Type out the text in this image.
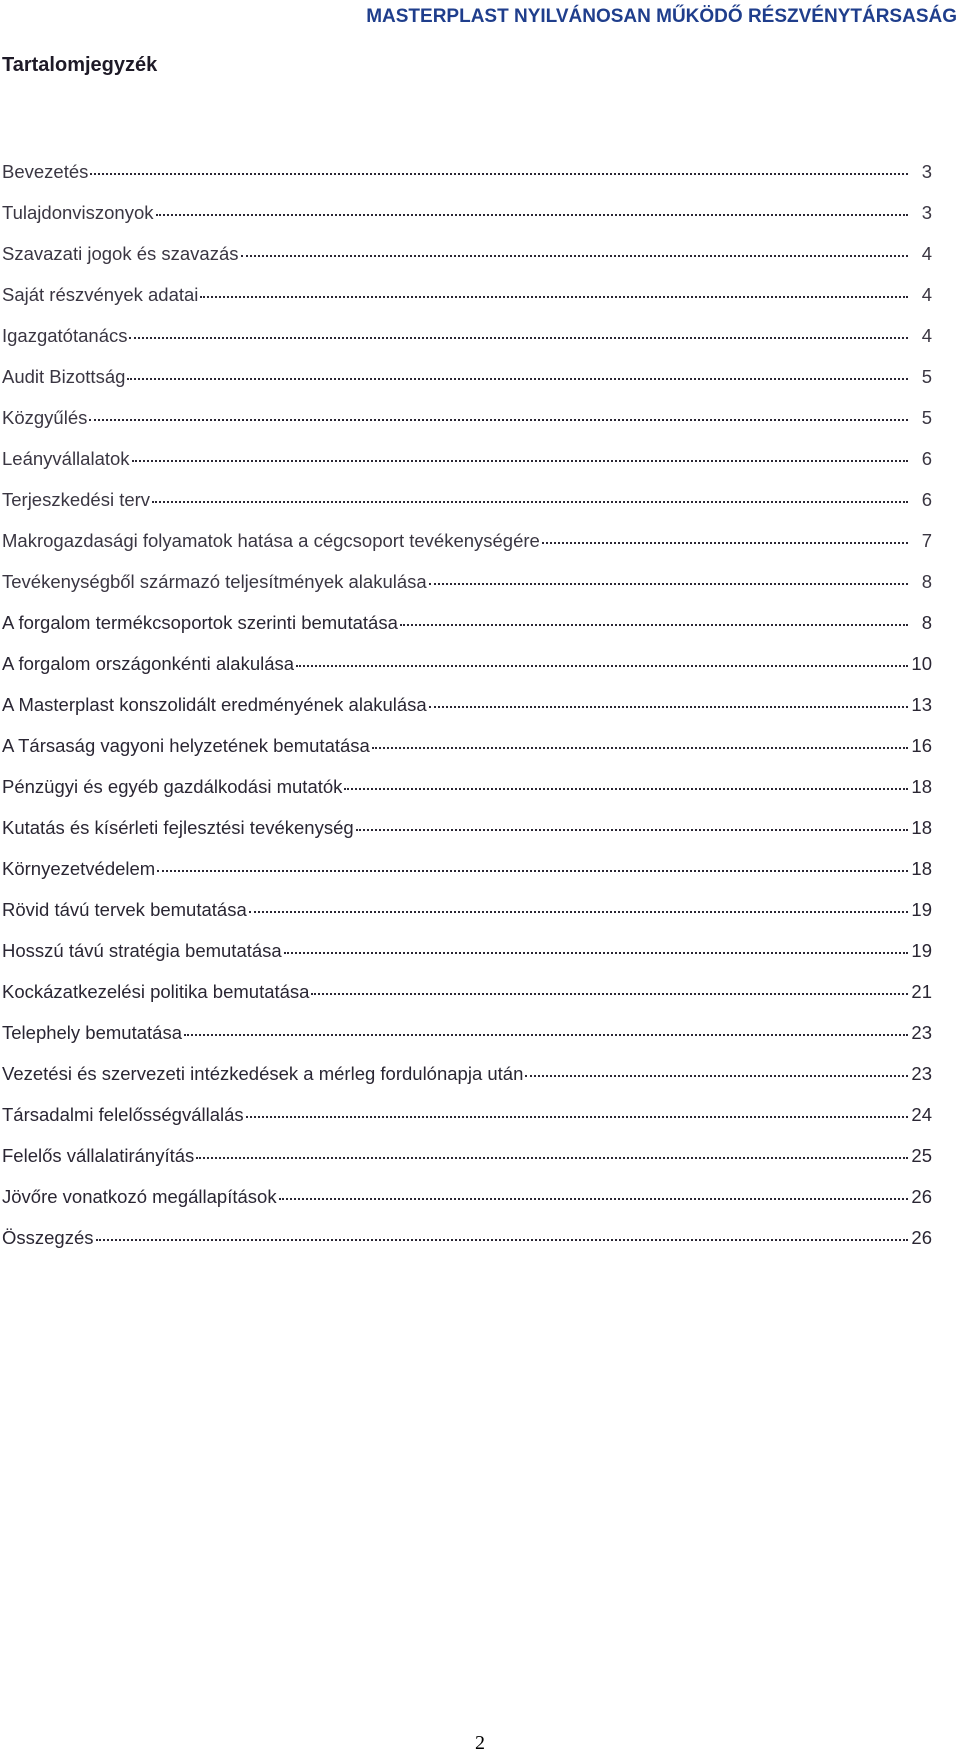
MASTERPLAST NYILVÁNOSAN MŰKÖDŐ RÉSZVÉNYTÁRSASÁG
Tartalomjegyzék
Bevezetés	3
Tulajdonviszonyok	3
Szavazati jogok és szavazás	4
Saját részvények adatai	4
Igazgatótanács	4
Audit Bizottság	5
Közgyűlés	5
Leányvállalatok	6
Terjeszkedési terv	6
Makrogazdasági folyamatok hatása a cégcsoport tevékenységére	7
Tevékenységből származó teljesítmények alakulása	8
A forgalom termékcsoportok szerinti bemutatása	8
A forgalom országonkénti alakulása	10
A Masterplast konszolidált eredményének alakulása	13
A Társaság vagyoni helyzetének bemutatása	16
Pénzügyi és egyéb gazdálkodási mutatók	18
Kutatás és kísérleti fejlesztési tevékenység	18
Környezetvédelem	18
Rövid távú tervek bemutatása	19
Hosszú távú stratégia bemutatása	19
Kockázatkezelési politika bemutatása	21
Telephely bemutatása	23
Vezetési és szervezeti intézkedések a mérleg fordulónapja után	23
Társadalmi felelősségvállalás	24
Felelős vállalatirányítás	25
Jövőre vonatkozó megállapítások	26
Összegzés	26
2
